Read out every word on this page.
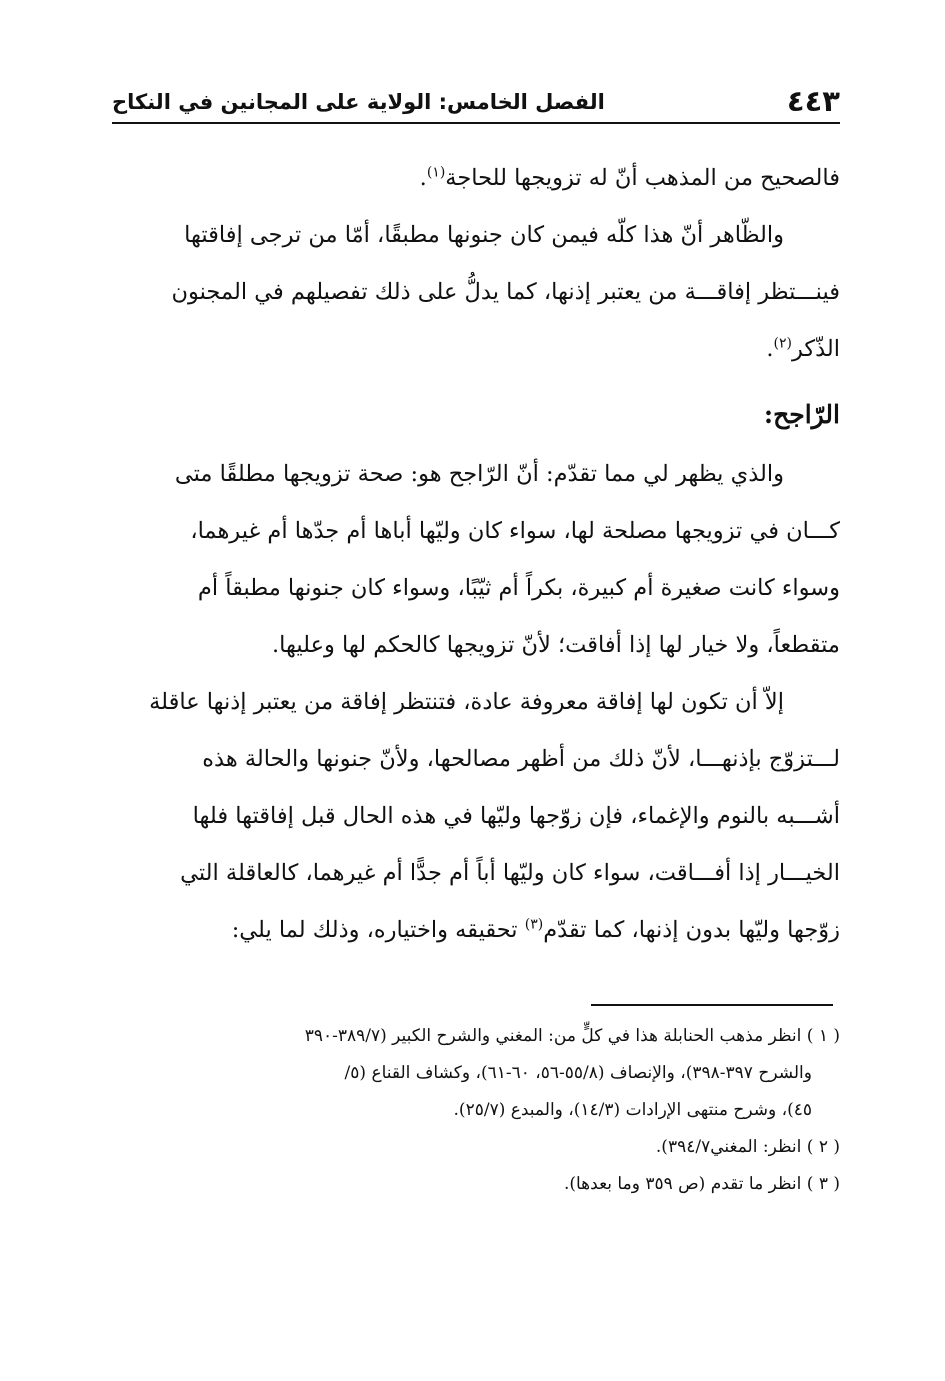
٤٤٣
الفصل الخامس: الولاية على المجانين في النكاح

فالصحيح من المذهب أنّ له تزويجها للحاجة$^{(١)}$.

والظّاهر أنّ هذا كلّه فيمن كان جنونها مطبقًا، أمّا من ترجى إفاقتها
فينـــتظر إفاقـــة من يعتبر إذنها، كما يدلُّ على ذلك تفصيلهم في المجنون
الذّكر$^{(٢)}$.

الرّاجح:

والذي يظهر لي مما تقدّم: أنّ الرّاجح هو: صحة تزويجها مطلقًا متى
كـــان في تزويجها مصلحة لها، سواء كان وليّها أباها أم جدّها أم غيرهما،
وسواء كانت صغيرة أم كبيرة، بكراً أم ثيّبًا، وسواء كان جنونها مطبقاً أم
متقطعاً، ولا خيار لها إذا أفاقت؛ لأنّ تزويجها كالحكم لها وعليها.

إلاّ أن تكون لها إفاقة معروفة عادة، فتنتظر إفاقة من يعتبر إذنها عاقلة
لـــتزوّج بإذنهـــا، لأنّ ذلك من أظهر مصالحها، ولأنّ جنونها والحالة هذه
أشـــبه بالنوم والإغماء، فإن زوّجها وليّها في هذه الحال قبل إفاقتها فلها
الخيـــار إذا أفـــاقت، سواء كان وليّها أباً أم جدًّا أم غيرهما، كالعاقلة التي
زوّجها وليّها بدون إذنها، كما تقدّم$^{(٣)}$ تحقيقه واختياره، وذلك لما يلي:

( ١ ) انظر مذهب الحنابلة هذا في كلٍّ من: المغني والشرح الكبير (٣٨٩/٧-٣٩٠
والشرح ٣٩٧-٣٩٨)، والإنصاف (٥٥/٨-٥٦، ٦٠-٦١)، وكشاف القناع (٥/
٤٥)، وشرح منتهى الإرادات (١٤/٣)، والمبدع (٢٥/٧).
( ٢ ) انظر: المغني٣٩٤/٧).
( ٣ ) انظر ما تقدم (ص ٣٥٩ وما بعدها).
